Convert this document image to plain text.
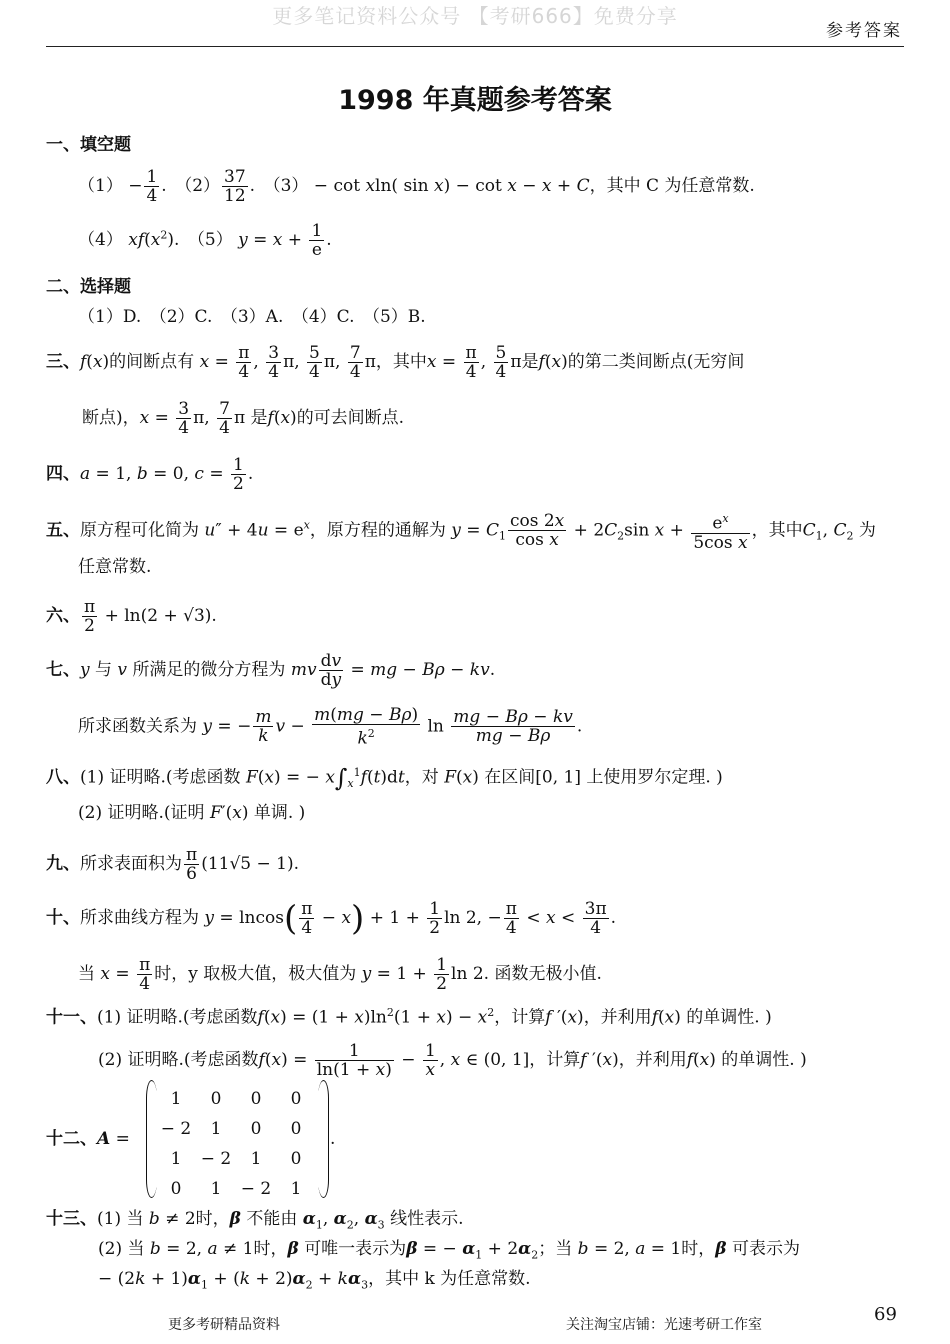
更多笔记资料公众号 【考研666】免费分享
参考答案
1998 年真题参考答案
一、填空题
$(1) - \frac{1}{4}$ .　$(2) \frac{37}{12}$ .　（3） − cot xln( sin x) − cot x − x + C，其中 C 为任意常数.
（4） $xf(x^2)$.　（5） $y = x + \frac{1}{e}$ .
二、选择题
（1）D.　（2）C.　（3）A.　（4）C.　（5）B.
三、f(x)的间断点有 $x = \frac{\pi}{4}$ , $\frac{3}{4} \pi$, $\frac{5}{4} \pi$, $\frac{7}{4}$ π，其中$x = \frac{\pi}{4}$ , $\frac{5}{4}$ π是f(x)的第二类间断点(无穷间
断点)，$x = \frac{3}{4} \pi$, $\frac{7}{4}$ π 是f(x)的可去间断点.
四、a = 1, b = 0, $c = \frac{1}{2}$ .
五、原方程可化简为 $u'' + 4u = e^x$，原方程的通解为 $y = C_1 \frac{\cos 2x}{\text{cos x}} + 2C_2\sin$ $x + \frac{e^x}{\text{5cos x}}$ ，其中$C_1$, $C_2$ 为
任意常数.
六、 $\frac{\pi}{2} + \ln(2 + √3)$.
七、y 与 v 所满足的微分方程为 mv $\frac{dv}{dy}$ = mg − Bρ − kv.
所求函数关系为 y = − $\frac{m}{k}$ $v - \frac{m(mg - B\rho)}{k^2}$ $\ln \frac{mg - B\rho - kv}{mg - B\rho}$ .
八、(1) 证明略.(考虑函数 F(x) = − $x\int_x^1f(t)dt$，对 F(x) 在区间[0, 1] 上使用罗尔定理. )
(2) 证明略.(证明 F′(x) 单调. )
九、所求表面积为 $\frac{\pi}{6} (11√5 - 1)$.
十、所求曲线方程为 $y = lncos( \frac{\pi}{4} - x) + 1 + \frac{1}{2}$ ln 2, − $\frac{\pi}{4} < x < \frac{3\pi}{4}$ .
当 $x = \frac{\pi}{4}$ 时，y 取极大值，极大值为 $y = 1 + \frac{1}{2}$ ln 2. 函数无极小值.
十一、(1) 证明略.(考虑函数$f(x) = (1 + x)\ln^2(1 + x) - x^2$，计算f ′(x)，并利用f(x) 的单调性. )
(2) 证明略.(考虑函数$f(x) = \frac{1}{\ln(1 + x)} - \frac{1}{x}$ , x ∈ (0, 1]，计算f ′(x)，并利用f(x) 的单调性. )
十二、A =
1	0	0	0
− 2	1	0	0
1	− 2	1	0
0	1	− 2	1
.
十三、(1) 当 b ≠ 2时，β 不能由 $\alpha_1$, $\alpha_2$, $\alpha_3$ 线性表示.
(2) 当 b = 2, a ≠ 1时，β 可唯一表示为β = − $\alpha_1 + 2\alpha_2$；当 b = 2, a = 1时，β 可表示为
− $(2k + 1)\alpha_1 + (k + 2)\alpha_2 + k\alpha_3$，其中 k 为任意常数.
更多考研精品资料	关注淘宝店铺：光速考研工作室	69
